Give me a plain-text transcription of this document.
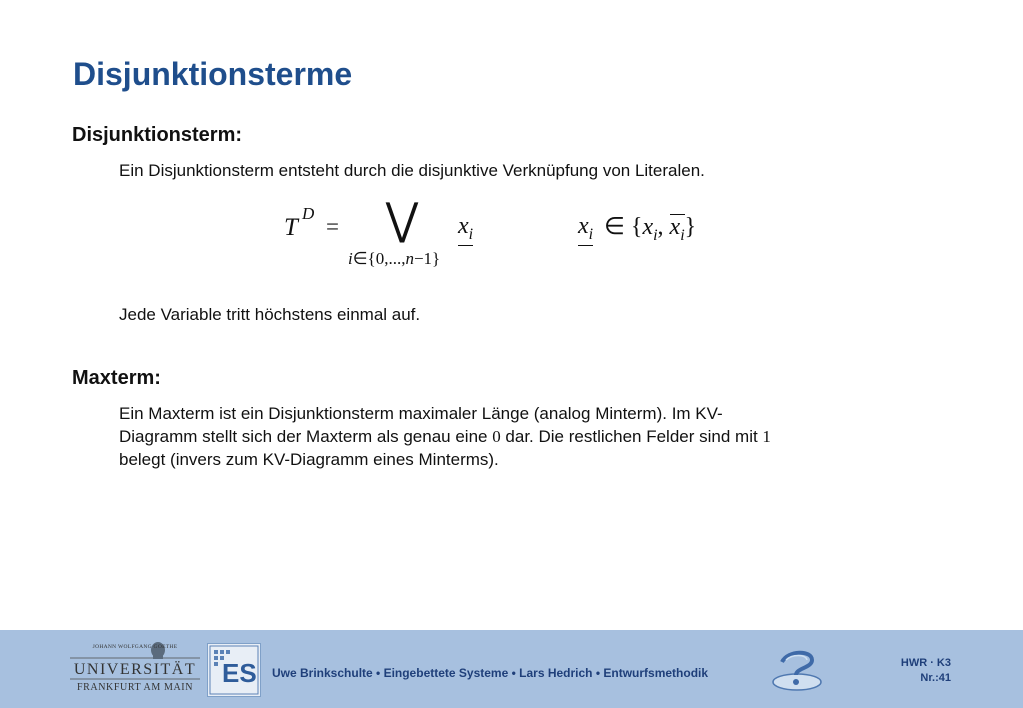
Disjunktionsterme
Disjunktionsterm:
Ein Disjunktionsterm entsteht durch die disjunktive Verknüpfung von Literalen.
T
D
= ⋁
i∈{0,...,n−1}
$x_i$	$x_i$ ∈ {$x_i$, $x_i$}
Jede Variable tritt höchstens einmal auf.
Maxterm:
Ein Maxterm ist ein Disjunktionsterm maximaler Länge (analog Minterm). Im KV-
Diagramm stellt sich der Maxterm als genau eine 0 dar. Die restlichen Felder sind mit 1
belegt (invers zum KV-Diagramm eines Minterms).
JOHANN WOLFGANG GOETHE
UNIVERSITÄT
FRANKFURT AM MAIN ES Uwe Brinkschulte • Eingebettete Systeme • Lars Hedrich • Entwurfsmethodik
HWR · K3
Nr.:41
